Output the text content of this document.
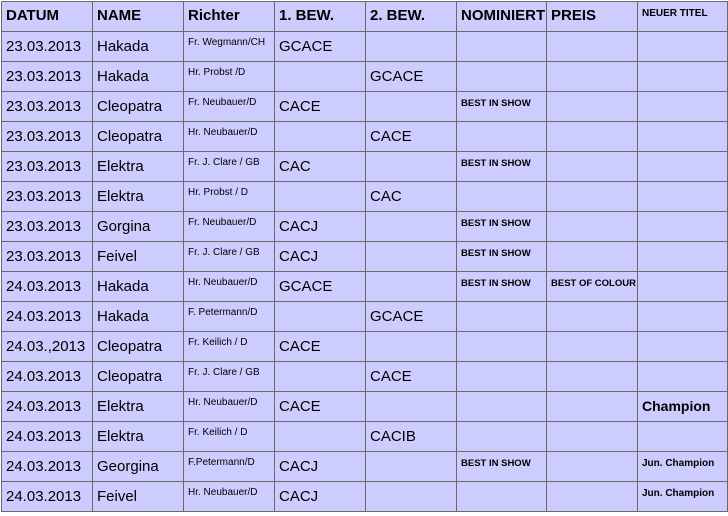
DATUM	NAME	Richter	1. BEW.	2. BEW.	NOMINIERT	PREIS	NEUER TITEL
23.03.2013	Hakada	Fr. Wegmann/CH	GCACE				
23.03.2013	Hakada	Hr. Probst /D		GCACE			
23.03.2013	Cleopatra	Fr. Neubauer/D	CACE		BEST IN SHOW		
23.03.2013	Cleopatra	Hr. Neubauer/D		CACE			
23.03.2013	Elektra	Fr. J. Clare / GB	CAC		BEST IN SHOW		
23.03.2013	Elektra	Hr. Probst / D		CAC			
23.03.2013	Gorgina	Fr. Neubauer/D	CACJ		BEST IN SHOW		
23.03.2013	Feivel	Fr. J. Clare / GB	CACJ		BEST IN SHOW		
24.03.2013	Hakada	Hr. Neubauer/D	GCACE		BEST IN SHOW	BEST OF COLOUR	
24.03.2013	Hakada	F. Petermann/D		GCACE			
24.03.,2013	Cleopatra	Fr. Keilich / D	CACE				
24.03.2013	Cleopatra	Fr. J. Clare / GB		CACE			
24.03.2013	Elektra	Hr. Neubauer/D	CACE				Champion
24.03.2013	Elektra	Fr. Keilich / D		CACIB			
24.03.2013	Georgina	F.Petermann/D	CACJ		BEST IN SHOW		Jun. Champion
24.03.2013	Feivel	Hr. Neubauer/D	CACJ				Jun. Champion
